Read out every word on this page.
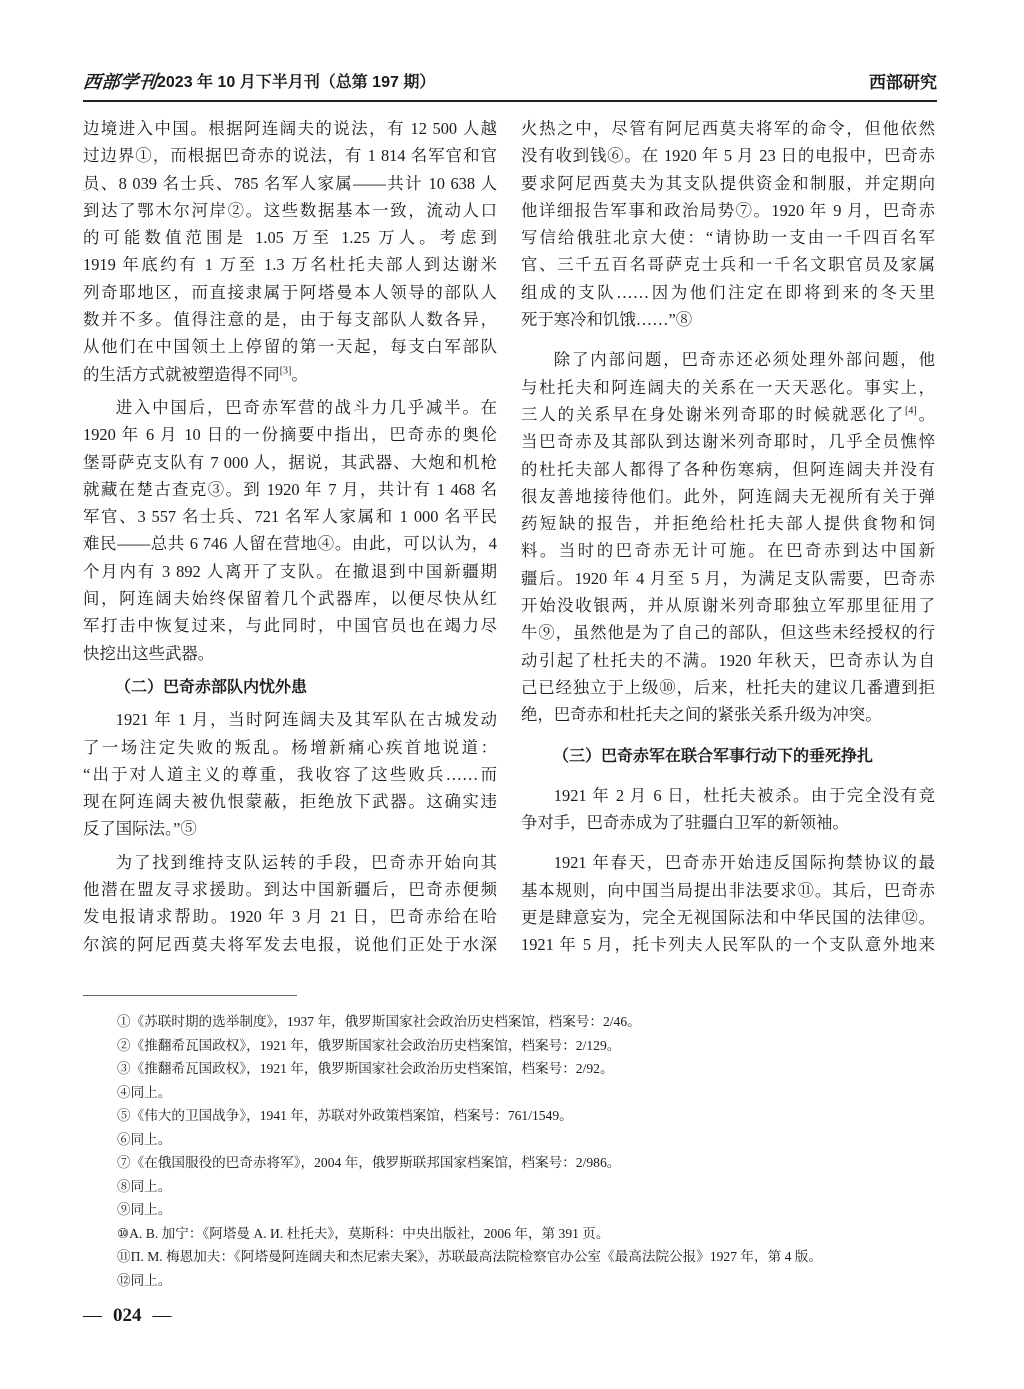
西部学刊
2023 年 10 月下半月刊（总第 197 期）	西部研究
边境进入中国。根据阿连阔夫的说法，有 12 500 人越
过边界①，而根据巴奇赤的说法，有 1 814 名军官和官
员、8 039 名士兵、785 名军人家属——共计 10 638 人
到达了鄂木尔河岸②。这些数据基本一致，流动人口
的可能数值范围是 1.05 万至 1.25 万人。考虑到
1919 年底约有 1 万至 1.3 万名杜托夫部人到达谢米
列奇耶地区，而直接隶属于阿塔曼本人领导的部队人
数并不多。值得注意的是，由于每支部队人数各异，
从他们在中国领土上停留的第一天起，每支白军部队
的生活方式就被塑造得不同[3]。
进入中国后，巴奇赤军营的战斗力几乎减半。在
1920 年 6 月 10 日的一份摘要中指出，巴奇赤的奥伦
堡哥萨克支队有 7 000 人，据说，其武器、大炮和机枪
就藏在楚古查克③。到 1920 年 7 月，共计有 1 468 名
军官、3 557 名士兵、721 名军人家属和 1 000 名平民
难民——总共 6 746 人留在营地④。由此，可以认为，4
个月内有 3 892 人离开了支队。在撤退到中国新疆期
间，阿连阔夫始终保留着几个武器库，以便尽快从红
军打击中恢复过来，与此同时，中国官员也在竭力尽
快挖出这些武器。
（二）巴奇赤部队内忧外患
1921 年 1 月，当时阿连阔夫及其军队在古城发动
了一场注定失败的叛乱。杨增新痛心疾首地说道：
“出于对人道主义的尊重，我收容了这些败兵……而
现在阿连阔夫被仇恨蒙蔽，拒绝放下武器。这确实违
反了国际法。”⑤
为了找到维持支队运转的手段，巴奇赤开始向其
他潜在盟友寻求援助。到达中国新疆后，巴奇赤便频
发电报请求帮助。1920 年 3 月 21 日，巴奇赤给在哈
尔滨的阿尼西莫夫将军发去电报，说他们正处于水深
火热之中，尽管有阿尼西莫夫将军的命令，但他依然
没有收到钱⑥。在 1920 年 5 月 23 日的电报中，巴奇赤
要求阿尼西莫夫为其支队提供资金和制服，并定期向
他详细报告军事和政治局势⑦。1920 年 9 月，巴奇赤
写信给俄驻北京大使：“请协助一支由一千四百名军
官、三千五百名哥萨克士兵和一千名文职官员及家属
组成的支队……因为他们注定在即将到来的冬天里
死于寒冷和饥饿……”⑧
除了内部问题，巴奇赤还必须处理外部问题，他
与杜托夫和阿连阔夫的关系在一天天恶化。事实上，
三人的关系早在身处谢米列奇耶的时候就恶化了[4]。
当巴奇赤及其部队到达谢米列奇耶时，几乎全员憔悴
的杜托夫部人都得了各种伤寒病，但阿连阔夫并没有
很友善地接待他们。此外，阿连阔夫无视所有关于弹
药短缺的报告，并拒绝给杜托夫部人提供食物和饲
料。当时的巴奇赤无计可施。在巴奇赤到达中国新
疆后。1920 年 4 月至 5 月，为满足支队需要，巴奇赤
开始没收银两，并从原谢米列奇耶独立军那里征用了
牛⑨，虽然他是为了自己的部队，但这些未经授权的行
动引起了杜托夫的不满。1920 年秋天，巴奇赤认为自
己已经独立于上级⑩，后来，杜托夫的建议几番遭到拒
绝，巴奇赤和杜托夫之间的紧张关系升级为冲突。
（三）巴奇赤军在联合军事行动下的垂死挣扎
1921 年 2 月 6 日，杜托夫被杀。由于完全没有竞
争对手，巴奇赤成为了驻疆白卫军的新领袖。
1921 年春天，巴奇赤开始违反国际拘禁协议的最
基本规则，向中国当局提出非法要求⑪。其后，巴奇赤
更是肆意妄为，完全无视国际法和中华民国的法律⑫。
1921 年 5 月，托卡列夫人民军队的一个支队意外地来
①《苏联时期的选举制度》，1937 年，俄罗斯国家社会政治历史档案馆，档案号：2/46。
②《推翻希瓦国政权》，1921 年，俄罗斯国家社会政治历史档案馆，档案号：2/129。
③《推翻希瓦国政权》，1921 年，俄罗斯国家社会政治历史档案馆，档案号：2/92。
④同上。
⑤《伟大的卫国战争》，1941 年，苏联对外政策档案馆，档案号：761/1549。
⑥同上。
⑦《在俄国服役的巴奇赤将军》，2004 年，俄罗斯联邦国家档案馆，档案号：2/986。
⑧同上。
⑨同上。
⑩A. B. 加宁：《阿塔曼 A. И. 杜托夫》，莫斯科：中央出版社，2006 年，第 391 页。
⑪П. М. 梅恩加夫：《阿塔曼阿连阔夫和杰尼索夫案》，苏联最高法院检察官办公室《最高法院公报》1927 年，第 4 版。
⑫同上。
— 024 —
